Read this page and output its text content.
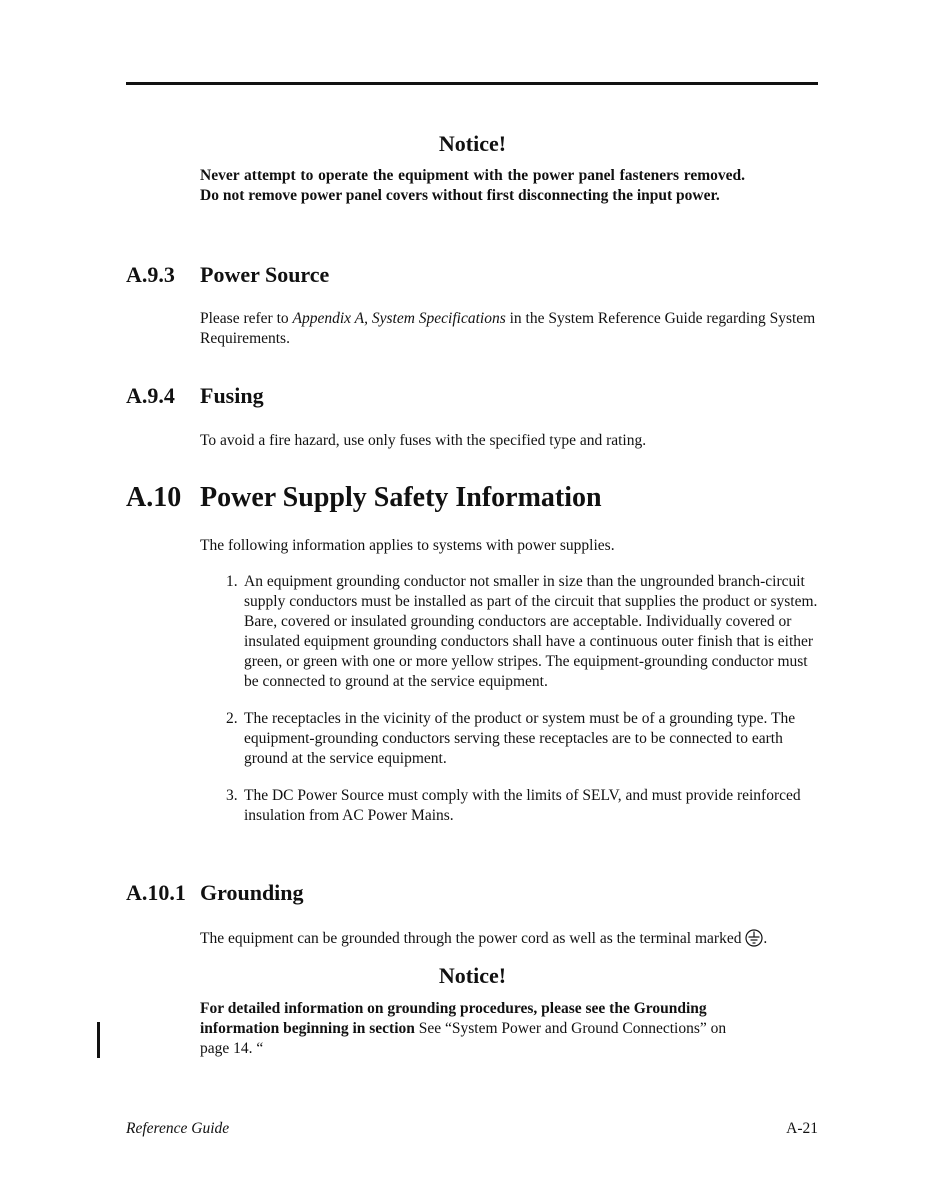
Notice!
Never attempt to operate the equipment with the power panel fasteners removed. Do not remove power panel covers without first disconnecting the input power.
A.9.3 Power Source
Please refer to Appendix A, System Specifications in the System Reference Guide regarding System Requirements.
A.9.4 Fusing
To avoid a fire hazard, use only fuses with the specified type and rating.
A.10 Power Supply Safety Information
The following information applies to systems with power supplies.
1. An equipment grounding conductor not smaller in size than the ungrounded branch-circuit supply conductors must be installed as part of the circuit that supplies the product or system. Bare, covered or insulated grounding conductors are acceptable. Individually covered or insulated equipment grounding conductors shall have a continuous outer finish that is either green, or green with one or more yellow stripes. The equipment-grounding conductor must be connected to ground at the service equipment.
2. The receptacles in the vicinity of the product or system must be of a grounding type. The equipment-grounding conductors serving these receptacles are to be connected to earth ground at the service equipment.
3. The DC Power Source must comply with the limits of SELV, and must provide reinforced insulation from AC Power Mains.
A.10.1 Grounding
The equipment can be grounded through the power cord as well as the terminal marked .
Notice!
For detailed information on grounding procedures, please see the Grounding information beginning in section See “System Power and Ground Connections” on page 14. “
Reference Guide	A-21
